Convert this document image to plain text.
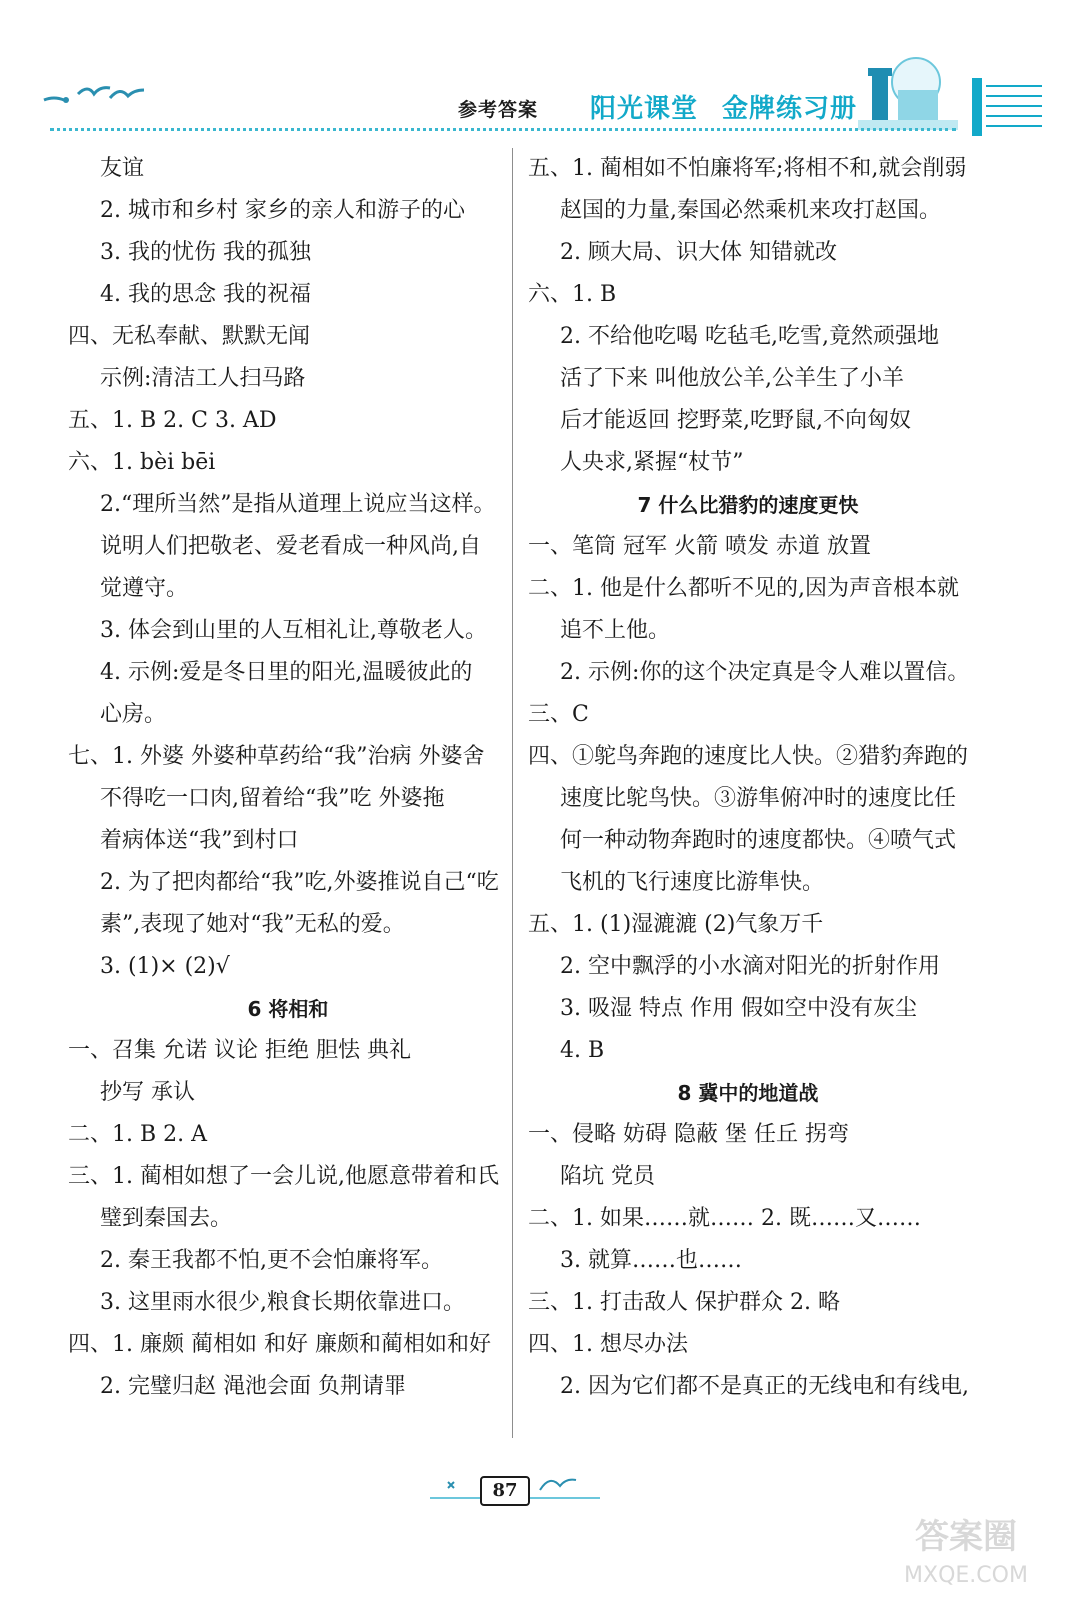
参考答案 阳光课堂 金牌练习册
友谊
2. 城市和乡村 家乡的亲人和游子的心
3. 我的忧伤 我的孤独
4. 我的思念 我的祝福
四、无私奉献、默默无闻
示例:清洁工人扫马路
五、1. B 2. C 3. AD
六、1. bèi bēi
2.“理所当然”是指从道理上说应当这样。
说明人们把敬老、爱老看成一种风尚,自
觉遵守。
3. 体会到山里的人互相礼让,尊敬老人。
4. 示例:爱是冬日里的阳光,温暖彼此的
心房。
七、1. 外婆 外婆种草药给“我”治病 外婆舍
不得吃一口肉,留着给“我”吃 外婆拖
着病体送“我”到村口
2. 为了把肉都给“我”吃,外婆推说自己“吃
素”,表现了她对“我”无私的爱。
3. (1)× (2)√
6 将相和
一、召集 允诺 议论 拒绝 胆怯 典礼
抄写 承认
二、1. B 2. A
三、1. 蔺相如想了一会儿说,他愿意带着和氏
璧到秦国去。
2. 秦王我都不怕,更不会怕廉将军。
3. 这里雨水很少,粮食长期依靠进口。
四、1. 廉颇 蔺相如 和好 廉颇和蔺相如和好
2. 完璧归赵 渑池会面 负荆请罪
五、1. 蔺相如不怕廉将军;将相不和,就会削弱
赵国的力量,秦国必然乘机来攻打赵国。
2. 顾大局、识大体 知错就改
六、1. B
2. 不给他吃喝 吃毡毛,吃雪,竟然顽强地
活了下来 叫他放公羊,公羊生了小羊
后才能返回 挖野菜,吃野鼠,不向匈奴
人央求,紧握“杖节”
7 什么比猎豹的速度更快
一、笔筒 冠军 火箭 喷发 赤道 放置
二、1. 他是什么都听不见的,因为声音根本就
追不上他。
2. 示例:你的这个决定真是令人难以置信。
三、C
四、①鸵鸟奔跑的速度比人快。②猎豹奔跑的
速度比鸵鸟快。③游隼俯冲时的速度比任
何一种动物奔跑时的速度都快。④喷气式
飞机的飞行速度比游隼快。
五、1. (1)湿漉漉 (2)气象万千
2. 空中飘浮的小水滴对阳光的折射作用
3. 吸湿 特点 作用 假如空中没有灰尘
4. B
8 冀中的地道战
一、侵略 妨碍 隐蔽 堡 任丘 拐弯
陷坑 党员
二、1. 如果……就…… 2. 既……又……
3. 就算……也……
三、1. 打击敌人 保护群众 2. 略
四、1. 想尽办法
2. 因为它们都不是真正的无线电和有线电,
87
答案圈
MXQE.COM
